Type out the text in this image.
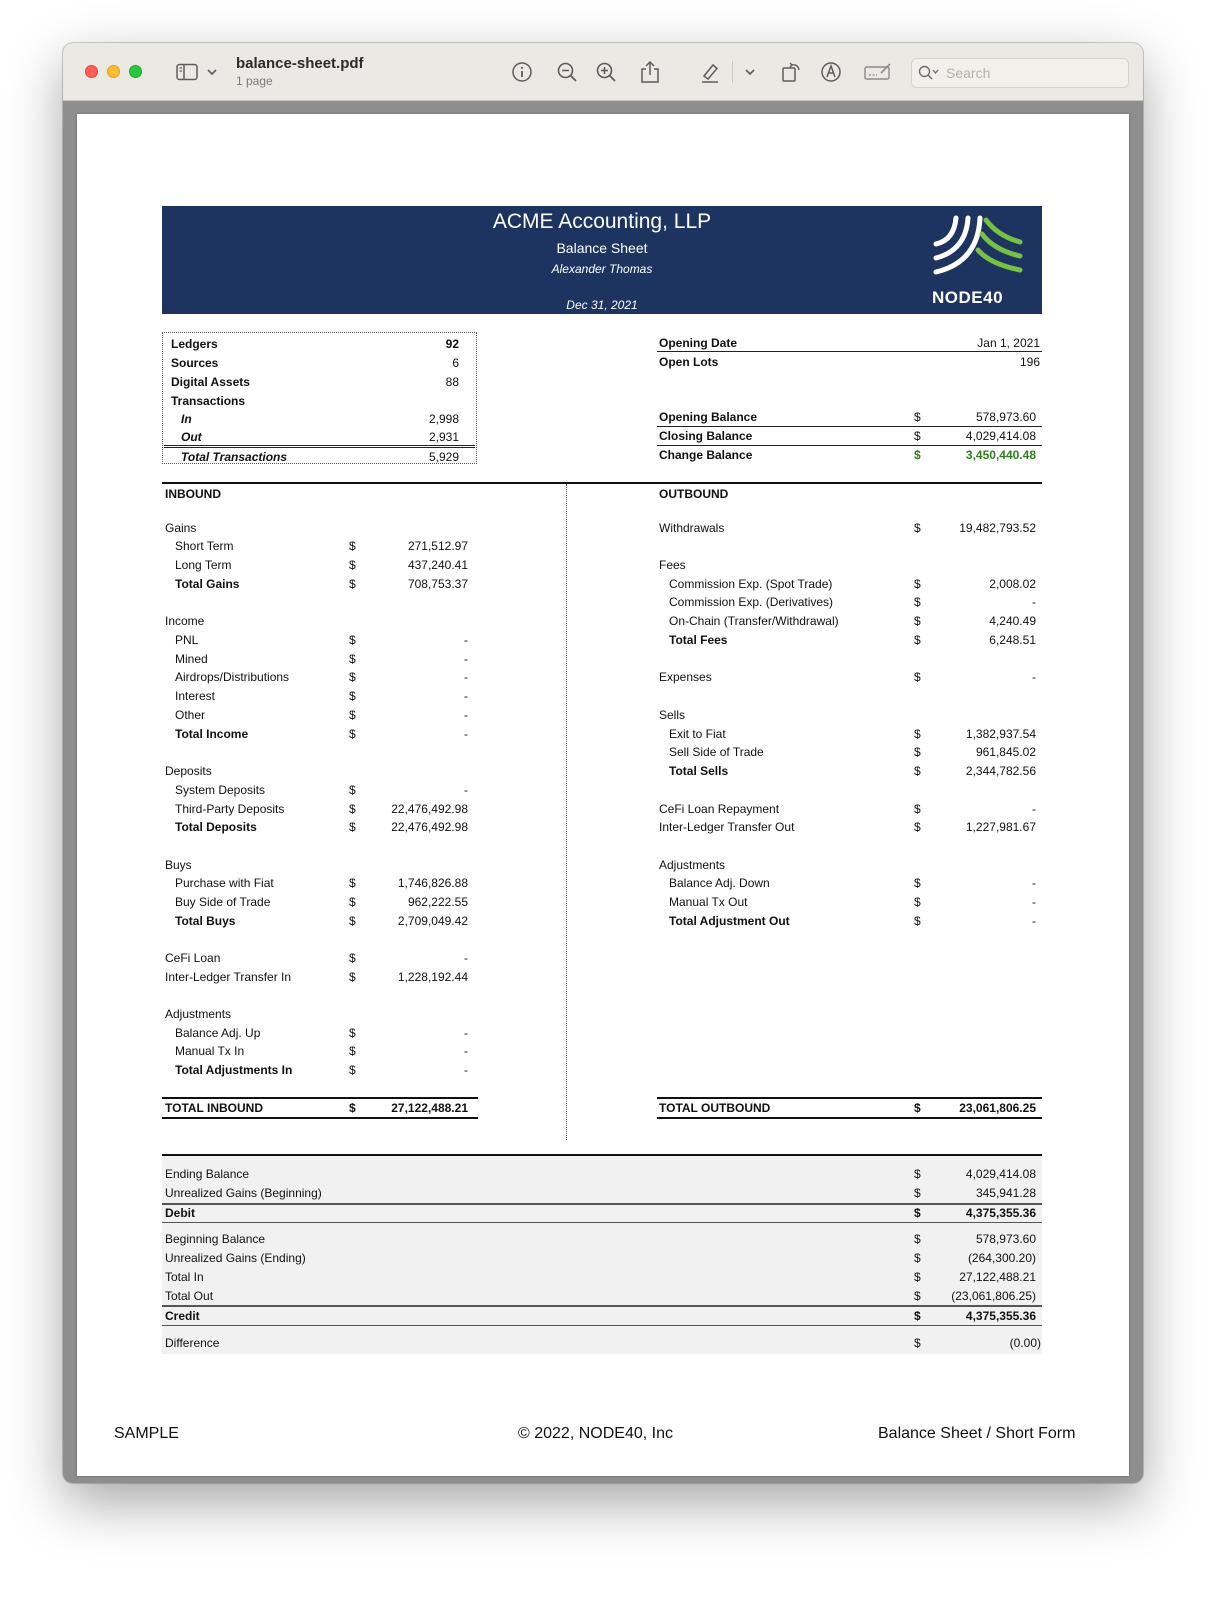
balance-sheet.pdf
1 page	Search
ACME Accounting, LLP
Balance Sheet
Alexander Thomas
Dec 31, 2021	NODE40
Ledgers	92
Sources	6
Digital Assets	88
Transactions
In	2,998
Out	2,931
Total Transactions	5,929
Opening Date	Jan 1, 2021
Open Lots	196
Opening Balance	$	578,973.60
Closing Balance	$	4,029,414.08
Change Balance	$	3,450,440.48
SAMPLE	© 2022, NODE40, Inc	Balance Sheet / Short Form
INBOUND
Gains
Short Term	$	271,512.97
Long Term	$	437,240.41
Total Gains	$	708,753.37
Income
PNL	$	-
Mined	$	-
Airdrops/Distributions	$	-
Interest	$	-
Other	$	-
Total Income	$	-
Deposits
System Deposits	$	-
Third-Party Deposits	$	22,476,492.98
Total Deposits	$	22,476,492.98
Buys
Purchase with Fiat	$	1,746,826.88
Buy Side of Trade	$	962,222.55
Total Buys	$	2,709,049.42
CeFi Loan	$	-
Inter-Ledger Transfer In	$	1,228,192.44
Adjustments
Balance Adj. Up	$	-
Manual Tx In	$	-
Total Adjustments In	$	-
TOTAL INBOUND	$	27,122,488.21
OUTBOUND
Withdrawals	$	19,482,793.52
Fees
Commission Exp. (Spot Trade)	$	2,008.02
Commission Exp. (Derivatives)	$	-
On-Chain (Transfer/Withdrawal)	$	4,240.49
Total Fees	$	6,248.51
Expenses	$	-
Sells
Exit to Fiat	$	1,382,937.54
Sell Side of Trade	$	961,845.02
Total Sells	$	2,344,782.56
CeFi Loan Repayment	$	-
Inter-Ledger Transfer Out	$	1,227,981.67
Adjustments
Balance Adj. Down	$	-
Manual Tx Out	$	-
Total Adjustment Out	$	-
TOTAL OUTBOUND	$	23,061,806.25
Ending Balance	$	4,029,414.08
Unrealized Gains (Beginning)	$	345,941.28
Debit	$	4,375,355.36
Beginning Balance	$	578,973.60
Unrealized Gains (Ending)	$	(264,300.20)
Total In	$	27,122,488.21
Total Out	$	(23,061,806.25)
Credit	$	4,375,355.36
Difference	$	(0.00)
